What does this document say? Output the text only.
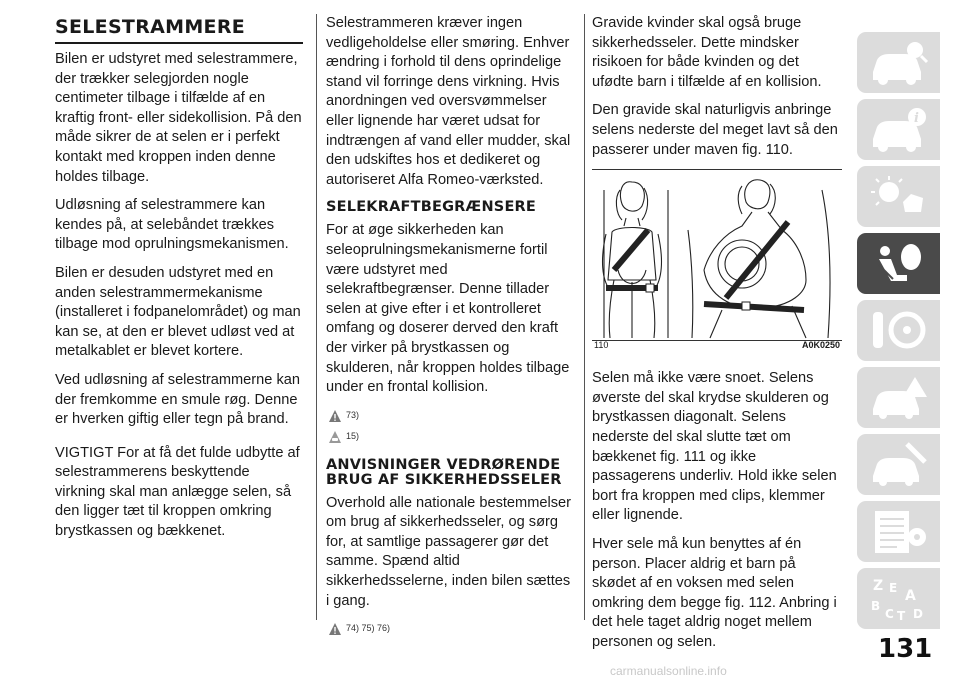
SELESTRAMMERE

Bilen er udstyret med selestrammere, der trækker selegjorden nogle centimeter tilbage i tilfælde af en kraftig front- eller sidekollision. På den måde sikrer de at selen er i perfekt kontakt med kroppen inden denne holdes tilbage.

Udløsning af selestrammere kan kendes på, at selebåndet trækkes tilbage mod oprulningsmekanismen.

Bilen er desuden udstyret med en anden selestrammermekanisme (installeret i fodpanelområdet) og man kan se, at den er blevet udløst ved at metalkablet er blevet kortere.

Ved udløsning af selestrammerne kan der fremkomme en smule røg. Denne er hverken giftig eller tegn på brand.

VIGTIGT For at få det fulde udbytte af selestrammerens beskyttende virkning skal man anlægge selen, så den ligger tæt til kroppen omkring brystkassen og bækkenet.

Selestrammeren kræver ingen vedligeholdelse eller smøring. Enhver ændring i forhold til dens oprindelige stand vil forringe dens virkning. Hvis anordningen ved oversvømmelser eller lignende har været udsat for indtrængen af vand eller mudder, skal den udskiftes hos et dedikeret og autoriseret Alfa Romeo-værksted.

SELEKRAFTBEGRÆNSERE

For at øge sikkerheden kan seleoprulningsmekanismerne fortil være udstyret med selekraftbegrænser. Denne tillader selen at give efter i et kontrolleret omfang og doserer derved den kraft der virker på brystkassen og skulderen, når kroppen holdes tilbage under en frontal kollision.

73)
15)
ANVISNINGER VEDRØRENDE BRUG AF SIKKERHEDSSELER

Overhold alle nationale bestemmelser om brug af sikkerhedsseler, og sørg for, at samtlige passagerer gør det samme. Spænd altid sikkerhedsselerne, inden bilen sættes i gang.

74) 75) 76)

Gravide kvinder skal også bruge sikkerhedsseler. Dette mindsker risikoen for både kvinden og det ufødte barn i tilfælde af en kollision.

Den gravide skal naturligvis anbringe selens nederste del meget lavt så den passerer under maven fig. 110.

110	A0K0250

Selen må ikke være snoet. Selens øverste del skal krydse skulderen og brystkassen diagonalt. Selens nederste del skal slutte tæt om bækkenet fig. 111 og ikke passagerens underliv. Hold ikke selen bort fra kroppen med clips, klemmer eller lignende.

Hver sele må kun benyttes af én person. Placer aldrig et barn på skødet af en voksen med selen omkring dem begge fig. 112. Anbring i det hele taget aldrig noget mellem personen og selen.

i
Z E A
B
C T D
131
carmanualsonline.info
